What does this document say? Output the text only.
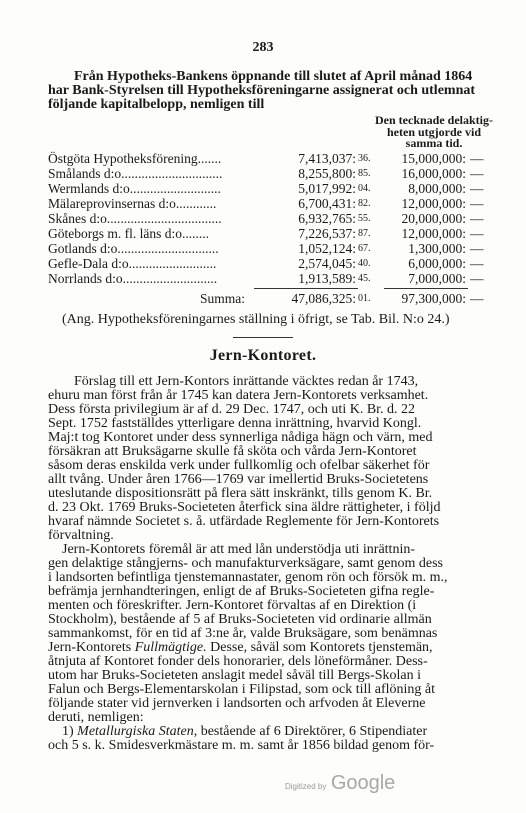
283
Från Hypotheks-Bankens öppnande till slutet af April månad 1864
har Bank-Styrelsen till Hypotheksföreningarne assignerat och utlemnat
följande kapitalbelopp, nemligen till
Den tecknade delaktig-
heten utgjorde vid
samma tid.
Östgöta Hypotheksförening.......	7,413,037: 36.	15,000,000: —
Smålands d:o..............................	8,255,800: 85.	16,000,000: —
Wermlands d:o...........................	5,017,992: 04.	8,000,000: —
Mälareprovinsernas d:o............	6,700,431: 82.	12,000,000: —
Skånes d:o..................................	6,932,765: 55.	20,000,000: —
Göteborgs m. fl. läns d:o........	7,226,537: 87.	12,000,000: —
Gotlands d:o..............................	1,052,124: 67.	1,300,000: —
Gefle-Dala d:o..........................	2,574,045: 40.	6,000,000: —
Norrlands d:o............................	1,913,589: 45.	7,000,000: —
Summa:	47,086,325: 01.	97,300,000: —
(Ang. Hypotheksföreningarnes ställning i öfrigt, se Tab. Bil. N:o 24.)
Jern-Kontoret.
Förslag till ett Jern-Kontors inrättande väcktes redan år 1743,
ehuru man först från år 1745 kan datera Jern-Kontorets verksamhet.
Dess första privilegium är af d. 29 Dec. 1747, och uti K. Br. d. 22
Sept. 1752 fastställdes ytterligare denna inrättning, hvarvid Kongl.
Maj:t tog Kontoret under dess synnerliga nådiga hägn och värn, med
försäkran att Bruksägarne skulle få sköta och vårda Jern-Kontoret
såsom deras enskilda verk under fullkomlig och ofelbar säkerhet för
allt tvång. Under åren 1766—1769 var imellertid Bruks-Societetens
uteslutande dispositionsrätt på flera sätt inskränkt, tills genom K. Br.
d. 23 Okt. 1769 Bruks-Societeten återfick sina äldre rättigheter, i följd
hvaraf nämnde Societet s. å. utfärdade Reglemente för Jern-Kontorets
förvaltning.
Jern-Kontorets föremål är att med lån understödja uti inrättnin-
gen delaktige stångjerns- och manufakturverksägare, samt genom dess
i landsorten befintliga tjenstemannastater, genom rön och försök m. m.,
befrämja jernhandteringen, enligt de af Bruks-Societeten gifna regle-
menten och föreskrifter. Jern-Kontoret förvaltas af en Direktion (i
Stockholm), bestående af 5 af Bruks-Societeten vid ordinarie allmän
sammankomst, för en tid af 3:ne år, valde Bruksägare, som benämnas
Jern-Kontorets Fullmägtige. Desse, såväl som Kontorets tjenstemän,
åtnjuta af Kontoret fonder dels honorarier, dels löneförmåner. Dess-
utom har Bruks-Societeten anslagit medel såväl till Bergs-Skolan i
Falun och Bergs-Elementarskolan i Filipstad, som ock till aflöning åt
följande stater vid jernverken i landsorten och arfvoden åt Eleverne
deruti, nemligen:
1) Metallurgiska Staten, bestående af 6 Direktörer, 6 Stipendiater
och 5 s. k. Smidesverkmästare m. m. samt år 1856 bildad genom för-
Digitized by Google
